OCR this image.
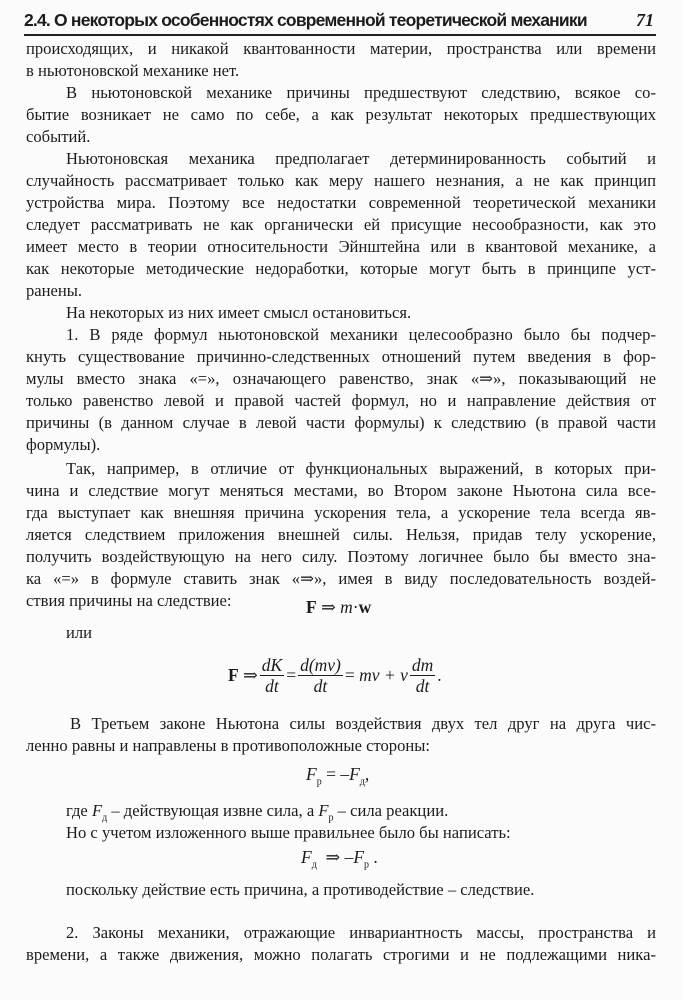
2.4. О некоторых особенностях современной теоретической механики	71
происходящих, и никакой квантованности материи, пространства или времени
в ньютоновской механике нет.
В ньютоновской механике причины предшествуют следствию, всякое со-
бытие возникает не само по себе, а как результат некоторых предшествующих
событий.
Ньютоновская механика предполагает детерминированность событий и
случайность рассматривает только как меру нашего незнания, а не как принцип
устройства мира. Поэтому все недостатки современной теоретической механики
следует рассматривать не как органически ей присущие несообразности, как это
имеет место в теории относительности Эйнштейна или в квантовой механике, а
как некоторые методические недоработки, которые могут быть в принципе уст-
ранены.
На некоторых из них имеет смысл остановиться.
1. В ряде формул ньютоновской механики целесообразно было бы подчер-
кнуть существование причинно-следственных отношений путем введения в фор-
мулы вместо знака «=», означающего равенство, знак «⇒», показывающий не
только равенство левой и правой частей формул, но и направление действия от
причины (в данном случае в левой части формулы) к следствию (в правой части
формулы).
Так, например, в отличие от функциональных выражений, в которых при-
чина и следствие могут меняться местами, во Втором законе Ньютона сила все-
гда выступает как внешняя причина ускорения тела, а ускорение тела всегда яв-
ляется следствием приложения внешней силы. Нельзя, придав телу ускорение,
получить воздействующую на него силу. Поэтому логичнее было бы вместо зна-
ка «=» в формуле ставить знак «⇒», имея в виду последовательность воздей-
ствия причины на следствие:	F ⇒ m·w
или
F
⇒ $\frac{dK}{dt} = \frac{d(mv)}{dt}$ =
mv + v $\frac{dm}{dt}$ .
В Третьем законе Ньютона силы воздействия двух тел друг на друга чис-
ленно равны и направлены в противоположные стороны:
$F_р = -F_д$,
где $F_д$ – действующая извне сила, а $F_р$ – сила реакции.
Но с учетом изложенного выше правильнее было бы написать:
$F_д$ ⇒ $-F_р$ .
поскольку действие есть причина, а противодействие – следствие.
2. Законы механики, отражающие инвариантность массы, пространства и
времени, а также движения, можно полагать строгими и не подлежащими ника-
